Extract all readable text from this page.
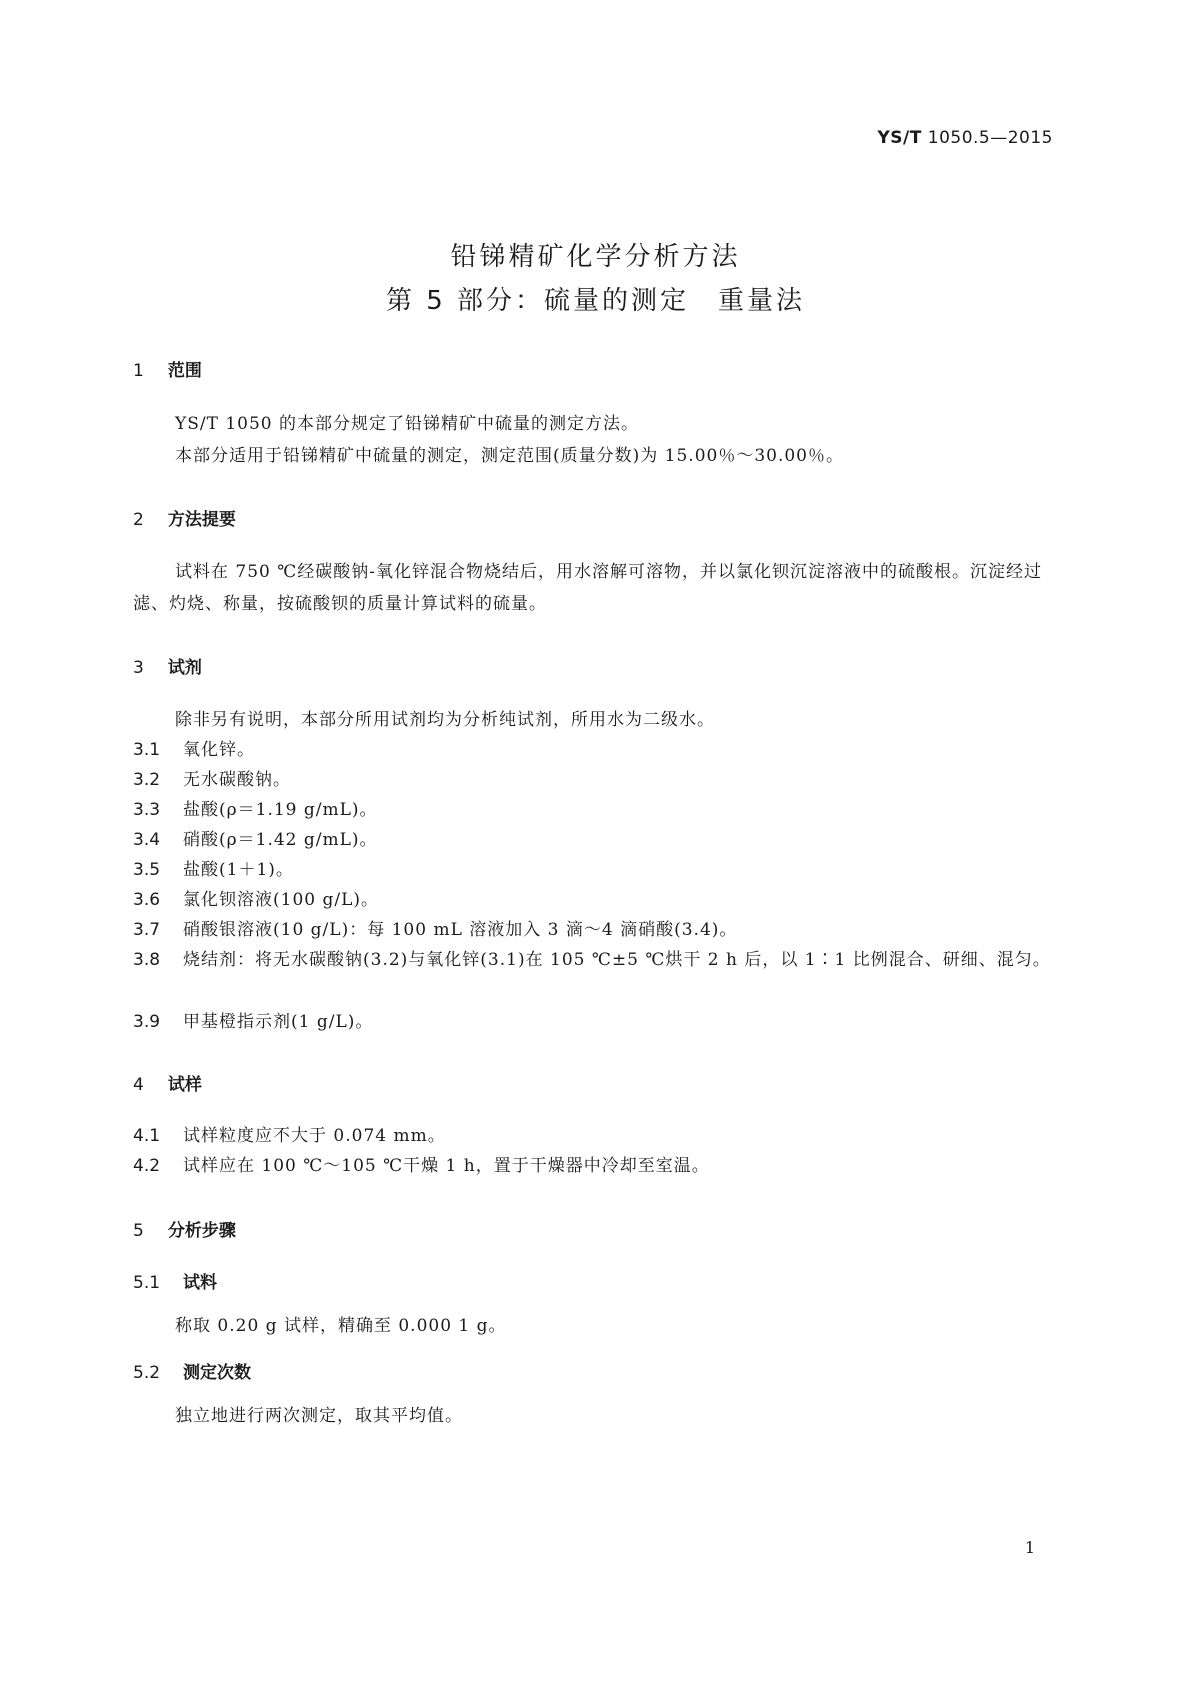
YS/T 1050.5—2015
铅锑精矿化学分析方法
第 5 部分：硫量的测定　重量法
1 范围
YS/T 1050 的本部分规定了铅锑精矿中硫量的测定方法。
本部分适用于铅锑精矿中硫量的测定，测定范围(质量分数)为 15.00％～30.00％。
2 方法提要
试料在 750 ℃经碳酸钠-氧化锌混合物烧结后，用水溶解可溶物，并以氯化钡沉淀溶液中的硫酸根。沉淀经过滤、灼烧、称量，按硫酸钡的质量计算试料的硫量。
3 试剂
除非另有说明，本部分所用试剂均为分析纯试剂，所用水为二级水。
3.1 氧化锌。
3.2 无水碳酸钠。
3.3 盐酸(ρ＝1.19 g/mL)。
3.4 硝酸(ρ＝1.42 g/mL)。
3.5 盐酸(1＋1)。
3.6 氯化钡溶液(100 g/L)。
3.7 硝酸银溶液(10 g/L)：每 100 mL 溶液加入 3 滴～4 滴硝酸(3.4)。
3.8 烧结剂：将无水碳酸钠(3.2)与氧化锌(3.1)在 105 ℃±5 ℃烘干 2 h 后，以 1∶1 比例混合、研细、混匀。
3.9 甲基橙指示剂(1 g/L)。
4 试样
4.1 试样粒度应不大于 0.074 mm。
4.2 试样应在 100 ℃～105 ℃干燥 1 h，置于干燥器中冷却至室温。
5 分析步骤
5.1 试料
称取 0.20 g 试样，精确至 0.000 1 g。
5.2 测定次数
独立地进行两次测定，取其平均值。
1
